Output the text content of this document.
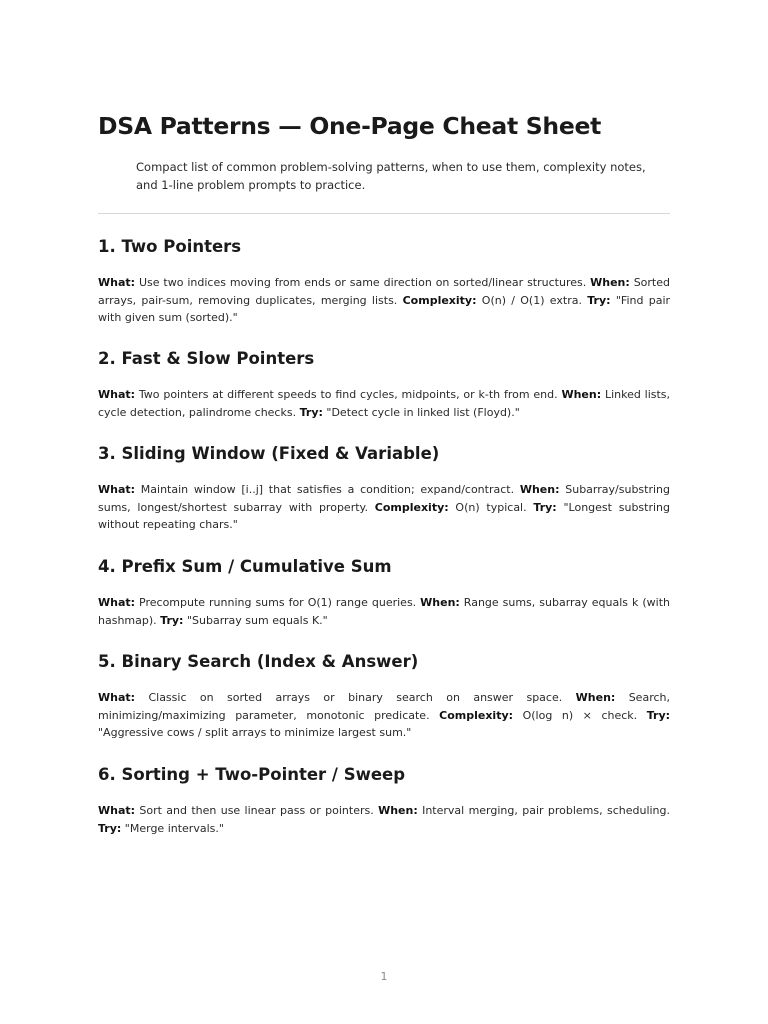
DSA Patterns — One-Page Cheat Sheet

Compact list of common problem-solving patterns, when to use them, complexity notes, and 1-line problem prompts to practice.

1. Two Pointers

What: Use two indices moving from ends or same direction on sorted/linear structures. When: Sorted arrays, pair-sum, removing duplicates, merging lists. Complexity: O(n) / O(1) extra. Try: "Find pair with given sum (sorted)."

2. Fast & Slow Pointers

What: Two pointers at different speeds to find cycles, midpoints, or k-th from end. When: Linked lists, cycle detection, palindrome checks. Try: "Detect cycle in linked list (Floyd)."

3. Sliding Window (Fixed & Variable)

What: Maintain window [i..j] that satisfies a condition; expand/contract. When: Subarray/substring sums, longest/shortest subarray with property. Complexity: O(n) typical. Try: "Longest substring without repeating chars."

4. Prefix Sum / Cumulative Sum

What: Precompute running sums for O(1) range queries. When: Range sums, subarray equals k (with hashmap). Try: "Subarray sum equals K."

5. Binary Search (Index & Answer)

What: Classic on sorted arrays or binary search on answer space. When: Search, minimizing/maximizing parameter, monotonic predicate. Complexity: O(log n) × check. Try: "Aggressive cows / split arrays to minimize largest sum."

6. Sorting + Two-Pointer / Sweep

What: Sort and then use linear pass or pointers. When: Interval merging, pair problems, scheduling. Try: "Merge intervals."

1
